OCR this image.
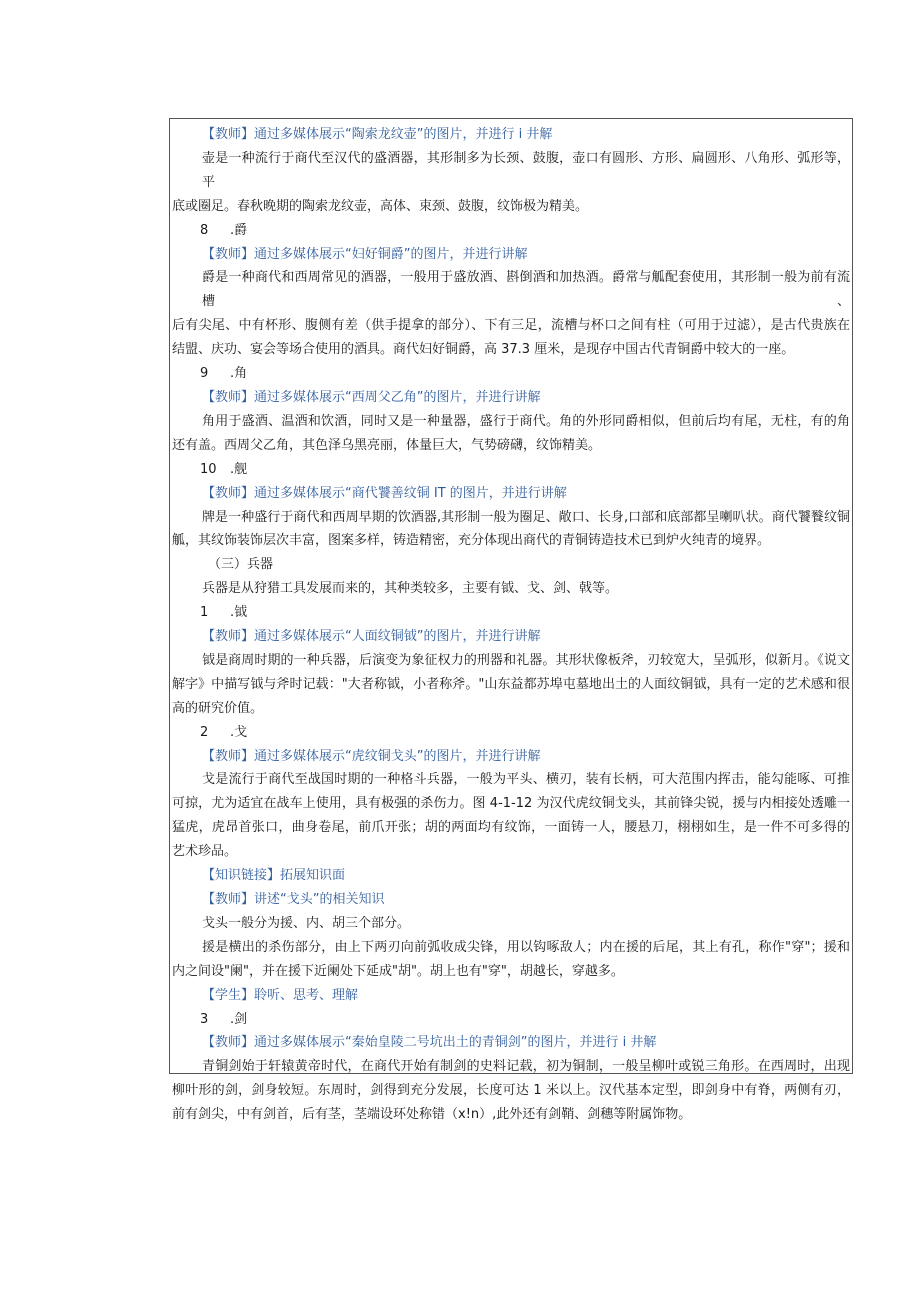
【教师】通过多媒体展示“陶索龙纹壶”的图片，并进行 i 井解
壶是一种流行于商代至汉代的盛酒器，其形制多为长颈、鼓腹，壶口有圆形、方形、扁圆形、八角形、弧形等，平
底或圈足。春秋晚期的陶索龙纹壶，高体、束颈、鼓腹，纹饰极为精美。
8 .爵
【教师】通过多媒体展示“妇好铜爵”的图片，并进行讲解
爵是一种商代和西周常见的酒器，一般用于盛放酒、斟倒酒和加热酒。爵常与觚配套使用，其形制一般为前有流槽、
后有尖尾、中有杯形、腹侧有差（供手提拿的部分）、下有三足，流槽与杯口之间有柱（可用于过滤），是古代贵族在
结盟、庆功、宴会等场合使用的酒具。商代妇好铜爵，高 37.3 厘米，是现存中国古代青铜爵中较大的一座。
9 .角
【教师】通过多媒体展示“西周父乙角”的图片，并进行讲解
角用于盛酒、温酒和饮酒，同时又是一种量器，盛行于商代。角的外形同爵相似，但前后均有尾，无柱，有的角
还有盖。西周父乙角，其色泽乌黑亮丽，体量巨大，气势磅礴，纹饰精美。
10 .舰
【教师】通过多媒体展示“商代饕善纹铜 IT 的图片，并进行讲解
牌是一种盛行于商代和西周早期的饮酒器,其形制一般为圈足、敞口、长身,口部和底部都呈喇叭状。商代饕餮纹铜
觚，其纹饰装饰层次丰富，图案多样，铸造精密，充分体现出商代的青铜铸造技术已到炉火纯青的境界。
（三）兵器
兵器是从狩猎工具发展而来的，其种类较多，主要有钺、戈、剑、戟等。
1 .钺
【教师】通过多媒体展示“人面纹铜钺”的图片，并进行讲解
钺是商周时期的一种兵器，后演变为象征权力的刑器和礼器。其形状像板斧，刃较宽大，呈弧形，似新月。《说文
解字》中描写钺与斧时记载："大者称钺，小者称斧。"山东益都苏埠屯墓地出土的人面纹铜钺，具有一定的艺术感和很
高的研究价值。
2 .戈
【教师】通过多媒体展示“虎纹铜戈头”的图片，并进行讲解
戈是流行于商代至战国时期的一种格斗兵器，一般为平头、横刃，装有长柄，可大范围内挥击，能勾能啄、可推
可掠，尤为适宜在战车上使用，具有极强的杀伤力。图 4-1-12 为汉代虎纹铜戈头，其前锋尖锐，援与内相接处透雕一
猛虎，虎昂首张口，曲身卷尾，前爪开张；胡的两面均有纹饰，一面铸一人，腰悬刀，栩栩如生，是一件不可多得的
艺术珍品。
【知识链接】拓展知识面
【教师】讲述“戈头”的相关知识
戈头一般分为援、内、胡三个部分。
援是横出的杀伤部分，由上下两刃向前弧收成尖锋，用以钩啄敌人；内在援的后尾，其上有孔，称作"穿"；援和
内之间设"阑"，并在援下近阑处下延成"胡"。胡上也有"穿"，胡越长，穿越多。
【学生】聆听、思考、理解
3 .剑
【教师】通过多媒体展示“秦始皇陵二号坑出土的青铜剑”的图片，并进行 i 井解
青铜剑始于轩辕黄帝时代，在商代开始有制剑的史料记载，初为铜制，一般呈柳叶或锐三角形。在西周时，出现
柳叶形的剑，剑身较短。东周时，剑得到充分发展，长度可达 1 米以上。汉代基本定型，即剑身中有脊，两侧有刃，
前有剑尖，中有剑首，后有茎，茎端设环处称错（x!n）,此外还有剑鞘、剑穗等附属饰物。
